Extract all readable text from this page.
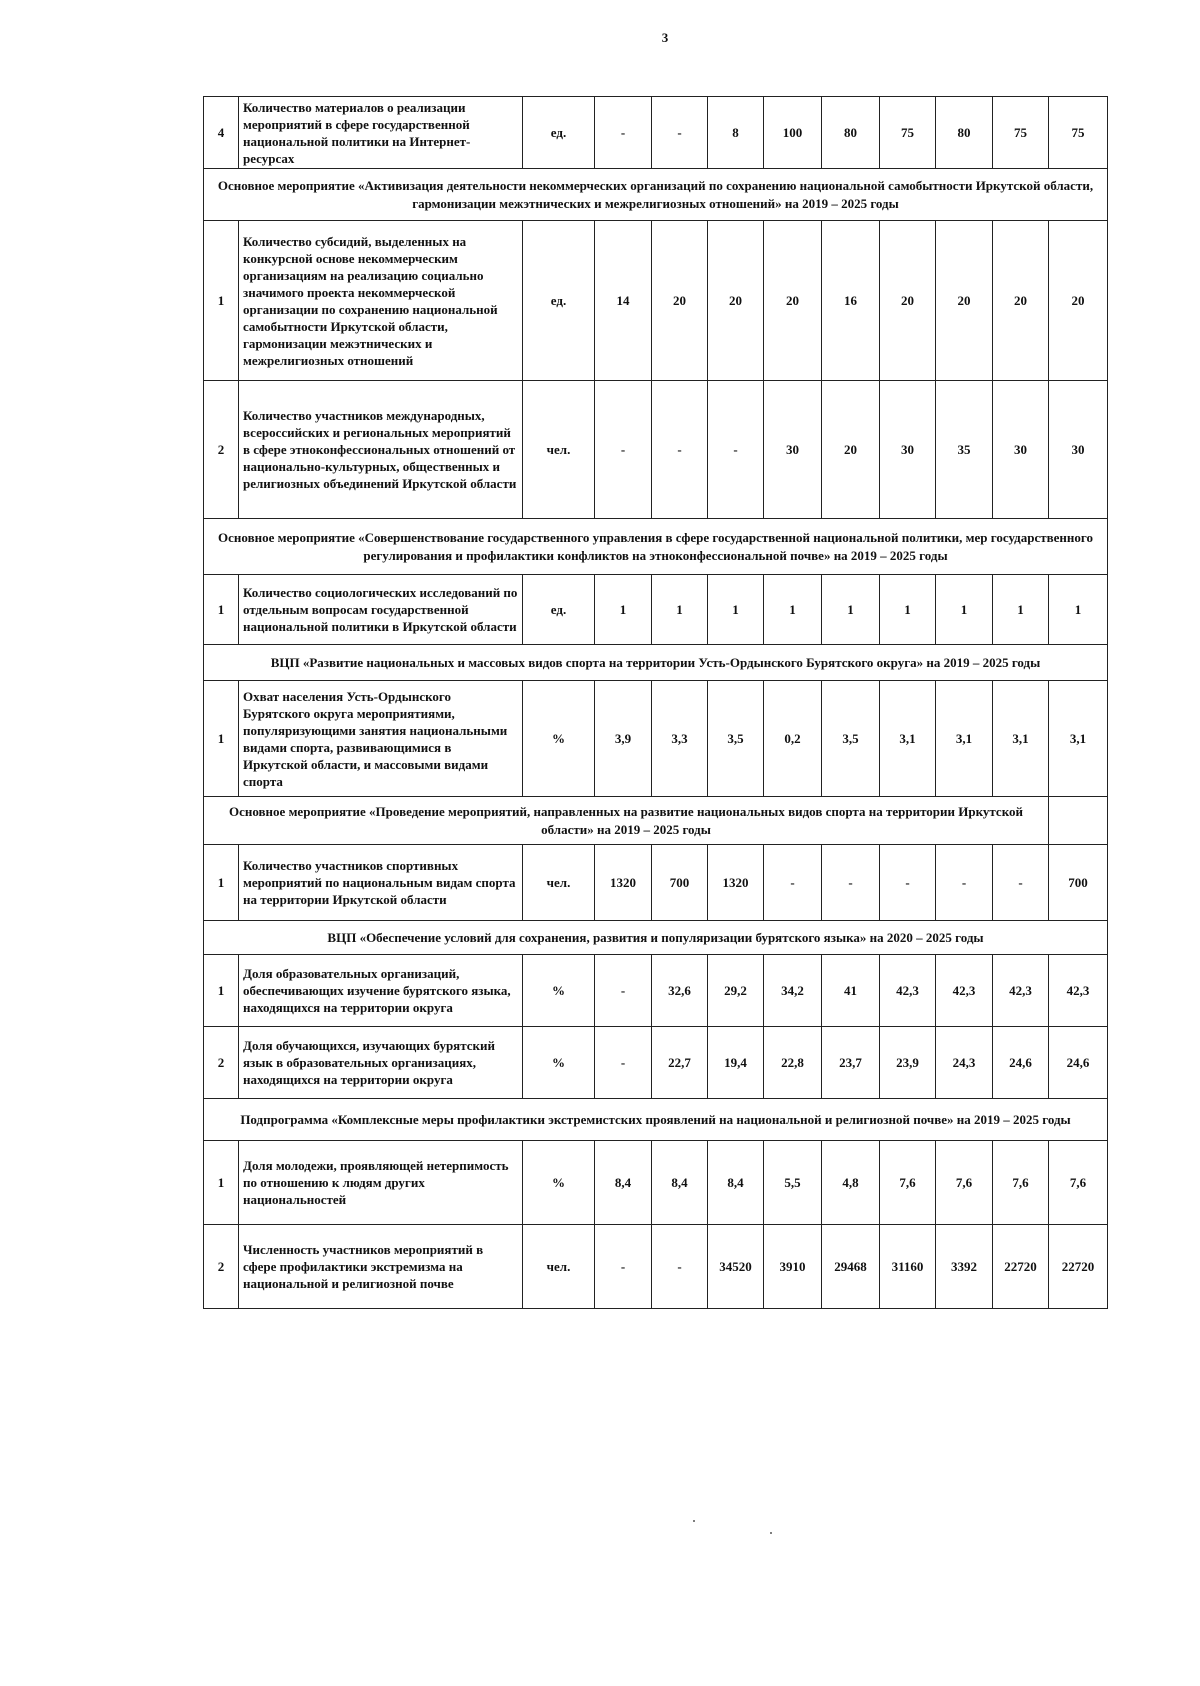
3
4	Количество материалов о реализации мероприятий в сфере государственной национальной политики на Интернет-ресурсах	ед.	-	-	8	100	80	75	80	75	75
Основное мероприятие «Активизация деятельности некоммерческих организаций по сохранению национальной самобытности Иркутской области, гармонизации межэтнических и межрелигиозных отношений» на 2019 – 2025 годы											
1	Количество субсидий, выделенных на конкурсной основе некоммерческим организациям на реализацию социально значимого проекта некоммерческой организации по сохранению национальной самобытности Иркутской области, гармонизации межэтнических и межрелигиозных отношений	ед.	14	20	20	20	16	20	20	20	20
2	Количество участников международных, всероссийских и региональных мероприятий в сфере этноконфессиональных отношений от национально-культурных, общественных и религиозных объединений Иркутской области	чел.	-	-	-	30	20	30	35	30	30
Основное мероприятие «Совершенствование государственного управления в сфере государственной национальной политики, мер государственного регулирования и профилактики конфликтов на этноконфессиональной почве» на 2019 – 2025 годы											
1	Количество социологических исследований по отдельным вопросам государственной национальной политики в Иркутской области	ед.	1	1	1	1	1	1	1	1	1
ВЦП «Развитие национальных и массовых видов спорта на территории Усть-Ордынского Бурятского округа» на 2019 – 2025 годы											
1	Охват населения Усть-Ордынского Бурятского округа мероприятиями, популяризующими занятия национальными видами спорта, развивающимися в Иркутской области, и массовыми видами спорта	%	3,9	3,3	3,5	0,2	3,5	3,1	3,1	3,1	3,1
Основное мероприятие «Проведение мероприятий, направленных на развитие национальных видов спорта на территории Иркутской области» на 2019 – 2025 годы											
1	Количество участников спортивных мероприятий по национальным видам спорта на территории Иркутской области	чел.	1320	700	1320	-	-	-	-	-	700
ВЦП «Обеспечение условий для сохранения, развития и популяризации бурятского языка» на 2020 – 2025 годы											
1	Доля образовательных организаций, обеспечивающих изучение бурятского языка, находящихся на территории округа	%	-	32,6	29,2	34,2	41	42,3	42,3	42,3	42,3
2	Доля обучающихся, изучающих бурятский язык в образовательных организациях, находящихся на территории округа	%	-	22,7	19,4	22,8	23,7	23,9	24,3	24,6	24,6
Подпрограмма «Комплексные меры профилактики экстремистских проявлений на национальной и религиозной почве» на 2019 – 2025 годы											
1	Доля молодежи, проявляющей нетерпимость по отношению к людям других национальностей	%	8,4	8,4	8,4	5,5	4,8	7,6	7,6	7,6	7,6
2	Численность участников мероприятий в сфере профилактики экстремизма на национальной и религиозной почве	чел.	-	-	34520	3910	29468	31160	3392	22720	22720
